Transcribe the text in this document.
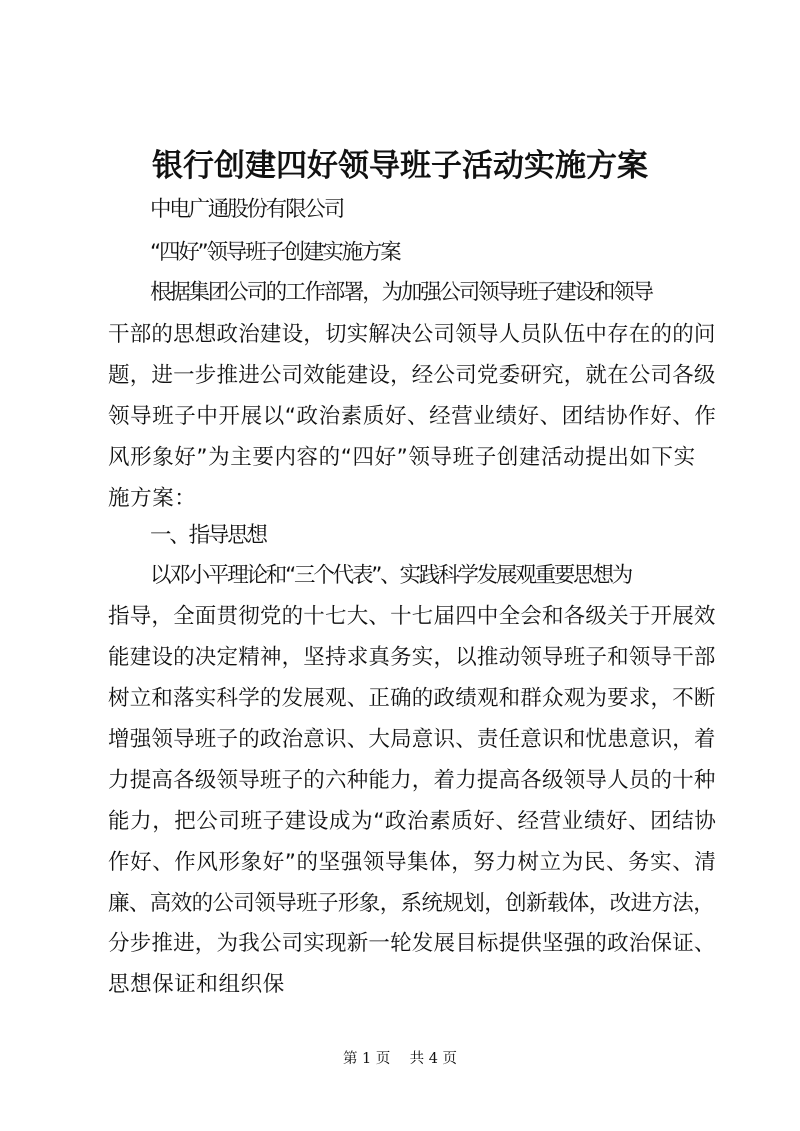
银行创建四好领导班子活动实施方案
中电广通股份有限公司
“四好”领导班子创建实施方案
根据集团公司的工作部署，为加强公司领导班子建设和领导
干部的思想政治建设，切实解决公司领导人员队伍中存在的的问
题，进一步推进公司效能建设，经公司党委研究，就在公司各级
领导班子中开展以“政治素质好、经营业绩好、团结协作好、作
风形象好”为主要内容的“四好”领导班子创建活动提出如下实
施方案：
一、指导思想
以邓小平理论和“三个代表”、实践科学发展观重要思想为
指导，全面贯彻党的十七大、十七届四中全会和各级关于开展效
能建设的决定精神，坚持求真务实，以推动领导班子和领导干部
树立和落实科学的发展观、正确的政绩观和群众观为要求，不断
增强领导班子的政治意识、大局意识、责任意识和忧患意识，着
力提高各级领导班子的六种能力，着力提高各级领导人员的十种
能力，把公司班子建设成为“政治素质好、经营业绩好、团结协
作好、作风形象好”的坚强领导集体，努力树立为民、务实、清
廉、高效的公司领导班子形象，系统规划，创新载体，改进方法，
分步推进，为我公司实现新一轮发展目标提供坚强的政治保证、
思想保证和组织保
第 1 页 共 4 页
